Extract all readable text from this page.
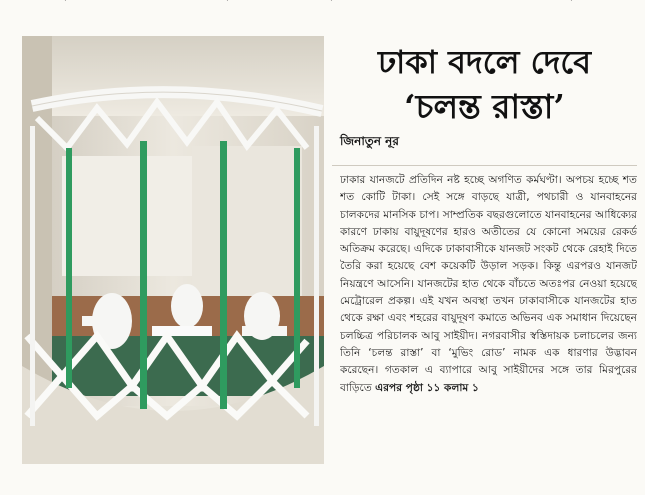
·	·	·	·
ঢাকা বদলে দেবে
‘চলন্ত রাস্তা’
জিনাতুন নূর
ঢাকার যানজটে প্রতিদিন নষ্ট হচ্ছে অগণিত কর্মঘণ্টা। অপচয় হচ্ছে শত শত কোটি টাকা। সেই সঙ্গে বাড়ছে যাত্রী, পথচারী ও যানবাহনের চালকদের মানসিক চাপ। সাম্প্রতিক বছরগুলোতে যানবাহনের আধিক্যের কারণে ঢাকায় বায়ুদূষণের হারও অতীতের যে কোনো সময়ের রেকর্ড অতিক্রম করেছে। এদিকে ঢাকাবাসীকে যানজট সংকট থেকে রেহাই দিতে তৈরি করা হয়েছে বেশ কয়েকটি উড়াল সড়ক। কিন্তু এরপরও যানজট নিয়ন্ত্রণে আসেনি। যানজটের হাত থেকে বাঁচতে অতঃপর নেওয়া হয়েছে মেট্রোরেল প্রকল্প। এই যখন অবস্থা তখন ঢাকাবাসীকে যানজটের হাত থেকে রক্ষা এবং শহরের বায়ুদূষণ কমাতে অভিনব এক সমাধান দিয়েছেন চলচ্চিত্র পরিচালক আবু সাইয়ীদ। নগরবাসীর স্বস্তিদায়ক চলাচলের জন্য তিনি ‘চলন্ত রাস্তা’ বা ‘মুভিং রোড’ নামক এক ধারণার উদ্ভাবন করেছেন। গতকাল এ ব্যাপারে আবু সাইয়ীদের সঙ্গে তার মিরপুরের বাড়িতে এরপর পৃষ্ঠা ১১ কলাম ১
